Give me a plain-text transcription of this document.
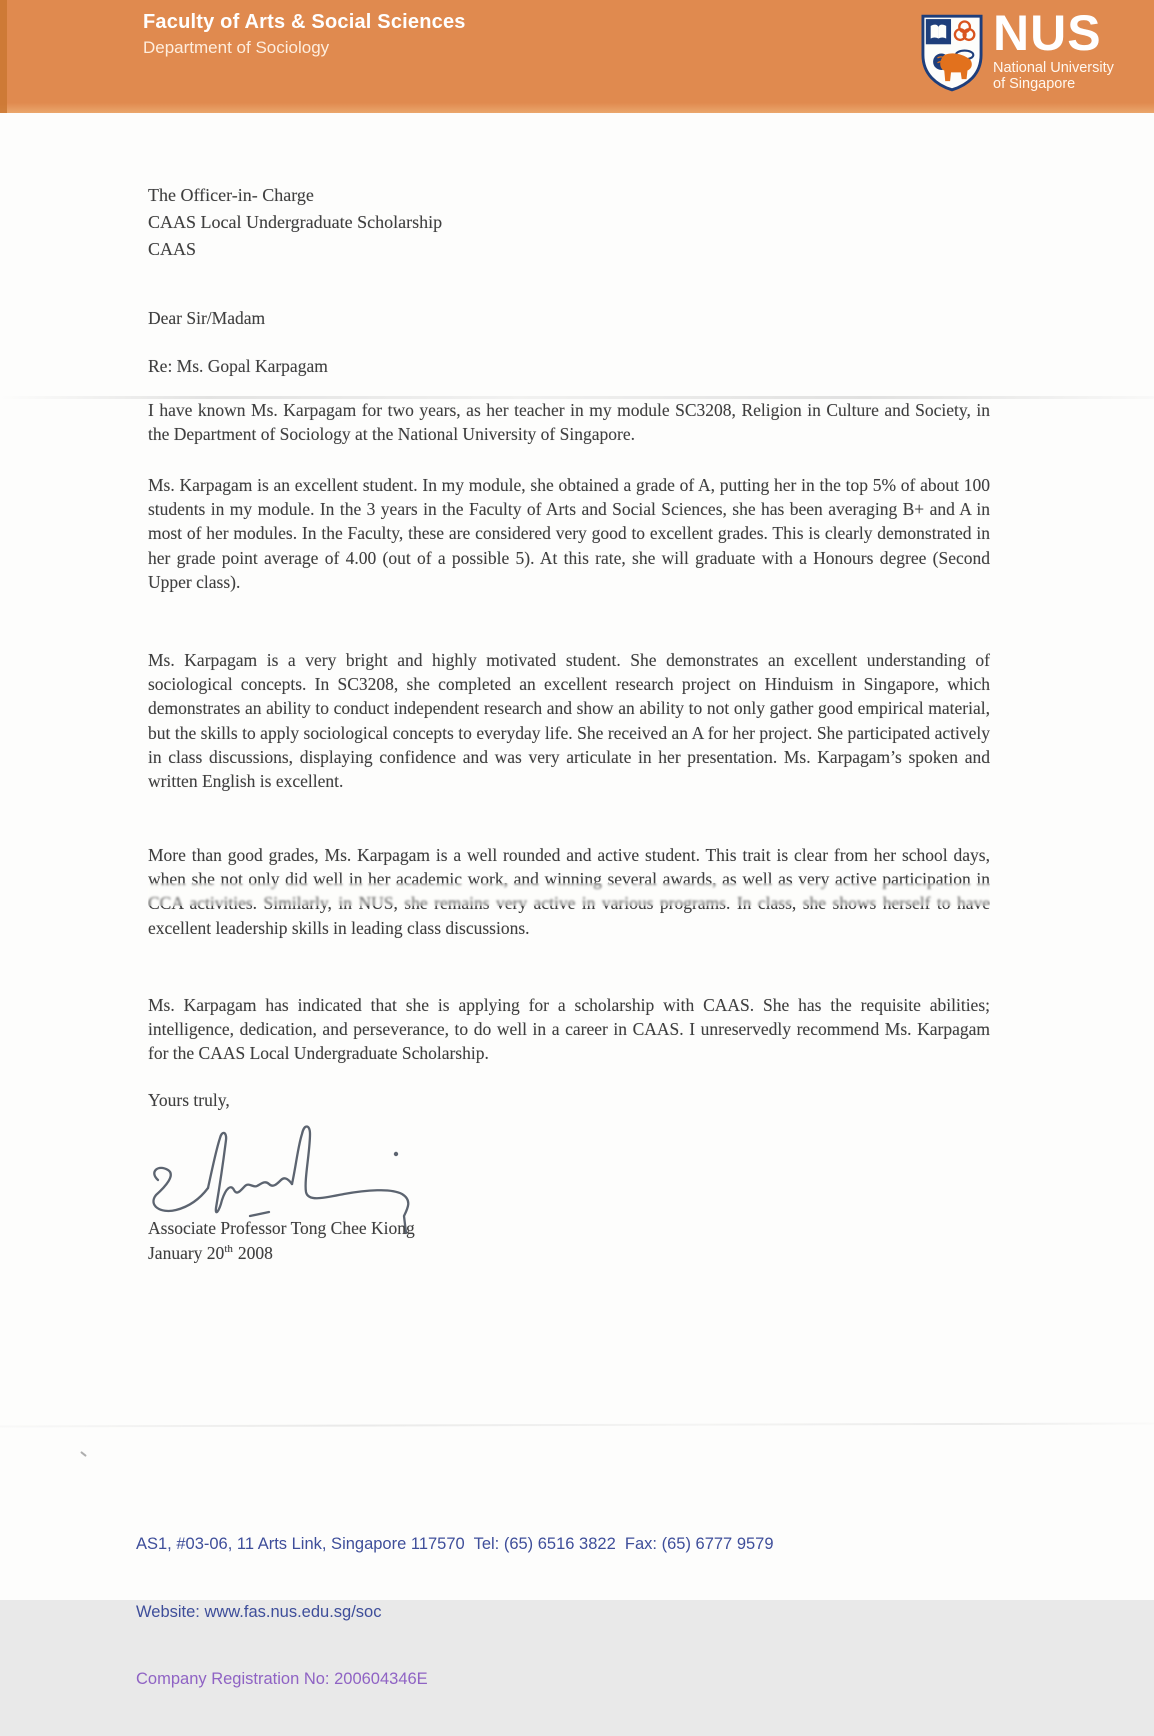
Faculty of Arts & Social Sciences
Department of Sociology	NUS
National University
of Singapore
The Officer-in- Charge
CAAS Local Undergraduate Scholarship
CAAS
Dear Sir/Madam
Re: Ms. Gopal Karpagam

I have known Ms. Karpagam for two years, as her teacher in my module SC3208, Religion in Culture and Society, in the Department of Sociology at the National University of Singapore.

Ms. Karpagam is an excellent student. In my module, she obtained a grade of A, putting her in the top 5% of about 100 students in my module. In the 3 years in the Faculty of Arts and Social Sciences, she has been averaging B+ and A in most of her modules. In the Faculty, these are considered very good to excellent grades. This is clearly demonstrated in her grade point average of 4.00 (out of a possible 5). At this rate, she will graduate with a Honours degree (Second Upper class).

Ms. Karpagam is a very bright and highly motivated student. She demonstrates an excellent understanding of sociological concepts. In SC3208, she completed an excellent research project on Hinduism in Singapore, which demonstrates an ability to conduct independent research and show an ability to not only gather good empirical material, but the skills to apply sociological concepts to everyday life. She received an A for her project. She participated actively in class discussions, displaying confidence and was very articulate in her presentation. Ms. Karpagam’s spoken and written English is excellent.

More than good grades, Ms. Karpagam is a well rounded and active student. This trait is clear from her school days, when she not only did well in her academic work, and winning several awards, as well as very active participation in CCA activities. Similarly, in NUS, she remains very active in various programs. In class, she shows herself to have excellent leadership skills in leading class discussions.

Ms. Karpagam has indicated that she is applying for a scholarship with CAAS. She has the requisite abilities; intelligence, dedication, and perseverance, to do well in a career in CAAS. I unreservedly recommend Ms. Karpagam for the CAAS Local Undergraduate Scholarship.

Yours truly,
Associate Professor Tong Chee Kiong
January 20th 2008

AS1, #03-06, 11 Arts Link, Singapore 117570  Tel: (65) 6516 3822  Fax: (65) 6777 9579

Website: www.fas.nus.edu.sg/soc

Company Registration No: 200604346E
